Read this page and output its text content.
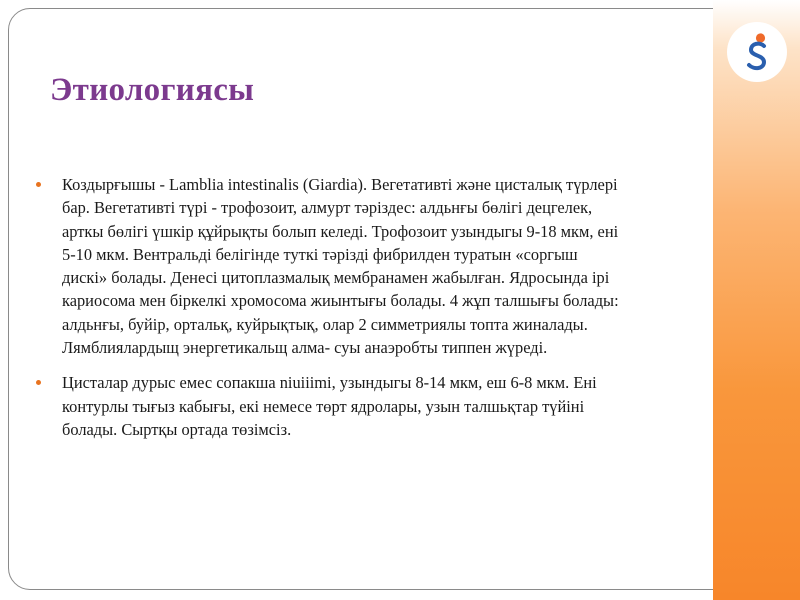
Этиологиясы
Коздырғышы - Lamblia intestinalis (Giardia). Вегетативті және цисталық түрлері
бар. Вегетативті түрі - трофозоит, алмурт тәріздес: алдьнғы бөлігі децгелек,
арткы бөлігі үшкір құйрықты болып келеді. Трофозоит узындыгы 9-18 мкм, ені
5-10 мкм. Вентральді белігінде туткі тәрізді фибрилден туратын «соргыш
дискі» болады. Денесі цитоплазмалық мембранамен жабылған. Ядросында ірі
кариосома мен біркелкі хромосома жиынтығы болады. 4 жұп талшығы болады:
алдьнғы, буйір, ортальқ, куйрықтық, олар 2 симметриялы топта жиналады.
Лямблиялардыщ энергетикальщ алма- суы анаэробты типпен жүреді.
Цисталар дурыс емес сопакша niuiiimi, узындыгы 8-14 мкм, еш 6-8 мкм. Ені
контурлы тығыз кабығы, екі немесе төрт ядролары, узын талшьқтар түйіні
болады. Сыртқы ортада төзімсіз.
